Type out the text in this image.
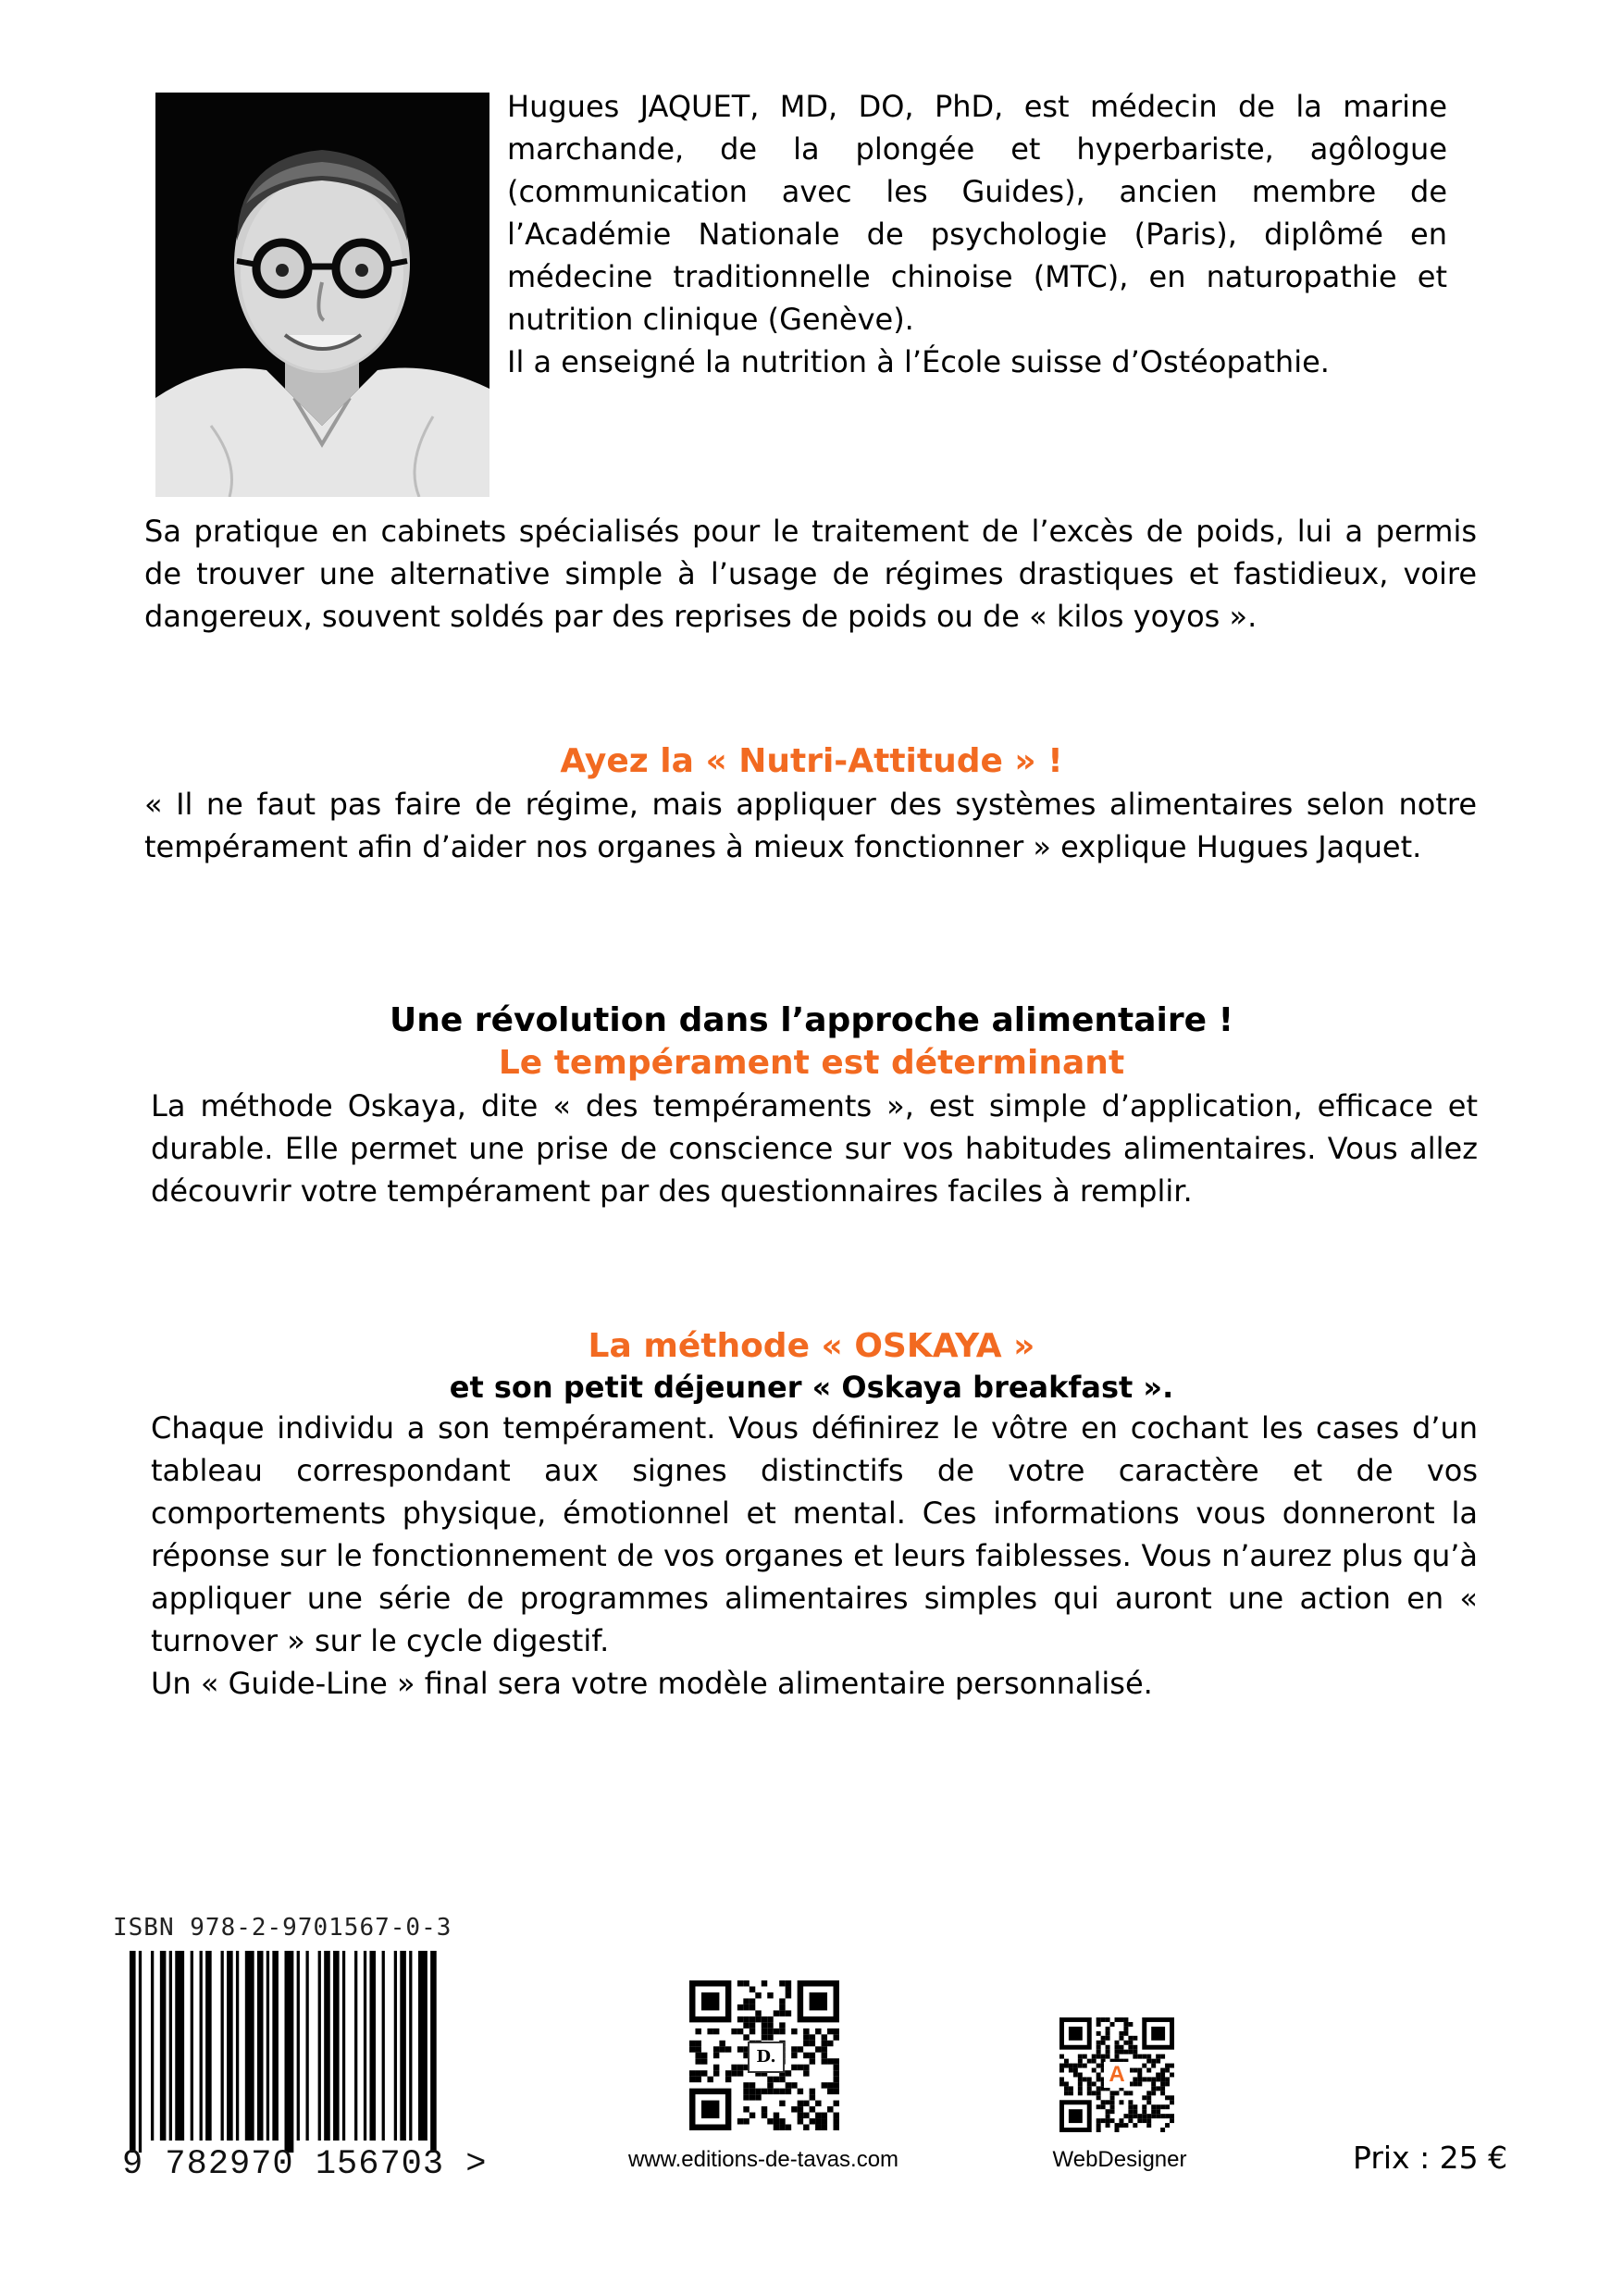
Hugues JAQUET, MD, DO, PhD, est médecin de la marine marchande, de la plongée et hyperbariste, agôlogue (communication avec les Guides), ancien membre de l’Académie Nationale de psychologie (Paris), diplômé en médecine traditionnelle chinoise (MTC), en naturopathie et nutrition clinique (Genève).
Il a enseigné la nutrition à l’École suisse d’Ostéopathie.
Sa pratique en cabinets spécialisés pour le traitement de l’excès de poids, lui a permis de trouver une alternative simple à l’usage de régimes drastiques et fastidieux, voire dangereux, souvent soldés par des reprises de poids ou de « kilos yoyos ».
Ayez la « Nutri-Attitude » !
« Il ne faut pas faire de régime, mais appliquer des systèmes alimentaires selon notre tempérament afin d’aider nos organes à mieux fonctionner » explique Hugues Jaquet.
Une révolution dans l’approche alimentaire !
Le tempérament est déterminant
La méthode Oskaya, dite « des tempéraments », est simple d’application, efficace et durable. Elle permet une prise de conscience sur vos habitudes alimentaires. Vous allez découvrir votre tempérament par des questionnaires faciles à remplir.
La méthode « OSKAYA »
et son petit déjeuner « Oskaya breakfast ».
Chaque individu a son tempérament. Vous définirez le vôtre en cochant les cases d’un tableau correspondant aux signes distinctifs de votre caractère et de vos comportements physique, émotionnel et mental. Ces informations vous donneront la réponse sur le fonctionnement de vos organes et leurs faiblesses. Vous n’aurez plus qu’à appliquer une série de programmes alimentaires simples qui auront une action en « turnover » sur le cycle digestif.
Un « Guide-Line » final sera votre modèle alimentaire personnalisé.
ISBN 978-2-9701567-0-3
9 782970 156703 >
D.
www.editions-de-tavas.com
A
WebDesigner	Prix : 25 €
